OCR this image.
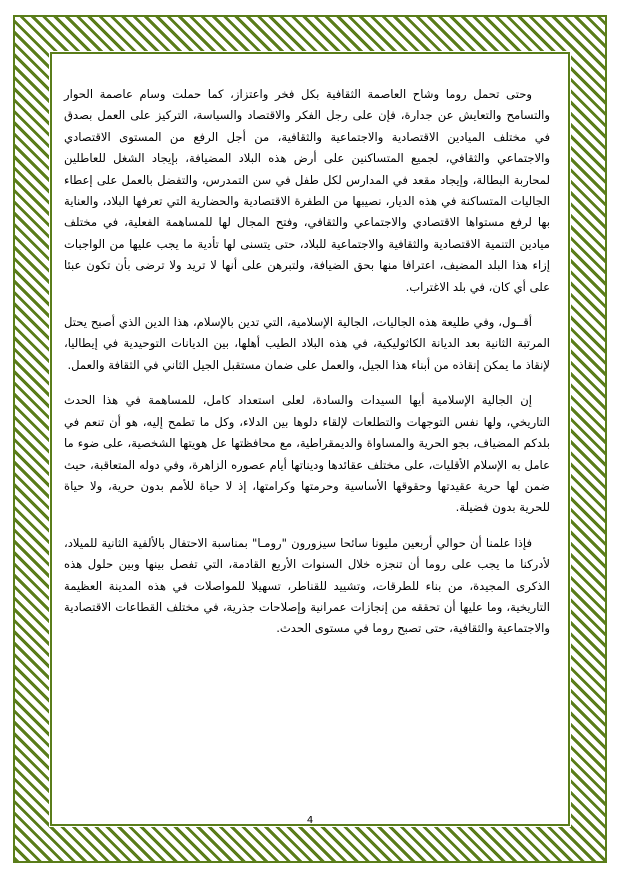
وحتى تحمل روما وشاح العاصمة الثقافية بكل فخر واعتزاز، كما حملت وسام عاصمة الحوار والتسامح والتعايش عن جدارة، فإن على رجل الفكر والاقتصاد والسياسة، التركيز على العمل بصدق في مختلف الميادين الاقتصادية والاجتماعية والثقافية، من أجل الرفع من المستوى الاقتصادي والاجتماعي والثقافي، لجميع المتساكنين على أرض هذه البلاد المضيافة، بإيجاد الشغل للعاطلين لمحاربة البطالة، وإيجاد مقعد في المدارس لكل طفل في سن التمدرس، والتفضل بالعمل على إعطاء الجاليات المتساكنة في هذه الديار، نصيبها من الطفرة الاقتصادية والحضارية التي تعرفها البلاد، والعناية بها لرفع مستواها الاقتصادي والاجتماعي والثقافي، وفتح المجال لها للمساهمة الفعلية، في مختلف ميادين التنمية الاقتصادية والثقافية والاجتماعية للبلاد، حتى يتسنى لها تأدية ما يجب عليها من الواجبات إزاء هذا البلد المضيف، اعترافا منها بحق الضيافة، ولتبرهن على أنها لا تريد ولا ترضى بأن تكون عبئا على أي كان، في بلد الاغتراب.

أقــول، وفي طليعة هذه الجاليات، الجالية الإسلامية، التي تدين بالإسلام، هذا الدين الذي أصبح يحتل المرتبة الثانية بعد الديانة الكاثوليكية، في هذه البلاد الطيب أهلها، بين الديانات التوحيدية في إيطاليا، لإنقاذ ما يمكن إنقاذه من أبناء هذا الجيل، والعمل على ضمان مستقبل الجيل الثاني في الثقافة والعمل.

إن الجالية الإسلامية أيها السيدات والسادة، لعلى استعداد كامل، للمساهمة في هذا الحدث التاريخي، ولها نفس التوجهات والتطلعات لإلقاء دلوها بين الدلاء، وكل ما تطمح إليه، هو أن تنعم في بلدكم المضياف، بجو الحرية والمساواة والديمقراطية، مع محافظتها عل هويتها الشخصية، على ضوء ما عامل به الإسلام الأقليات، على مختلف عقائدها وديناتها أيام عصوره الزاهرة، وفي دوله المتعاقبة، حيث ضمن لها حرية عقيدتها وحقوقها الأساسية وحرمتها وكرامتها، إذ لا حياة للأمم بدون حرية، ولا حياة للحرية بدون فضيلة.

فإذا علمنا أن حوالي أربعين مليونا سائحا سيزورون "رومـا" بمناسبة الاحتفال بالألفية الثانية للميلاد، لأدركنا ما يجب على روما أن تنجزه خلال السنوات الأربع القادمة، التي تفصل بينها وبين حلول هذه الذكرى المجيدة، من بناء للطرقات، وتشييد للقناطر، تسهيلا للمواصلات في هذه المدينة العظيمة التاريخية، وما عليها أن تحققه من إنجازات عمرانية وإصلاحات جذرية، في مختلف القطاعات الاقتصادية والاجتماعية والثقافية، حتى تصبح روما في مستوى الحدث.

4
